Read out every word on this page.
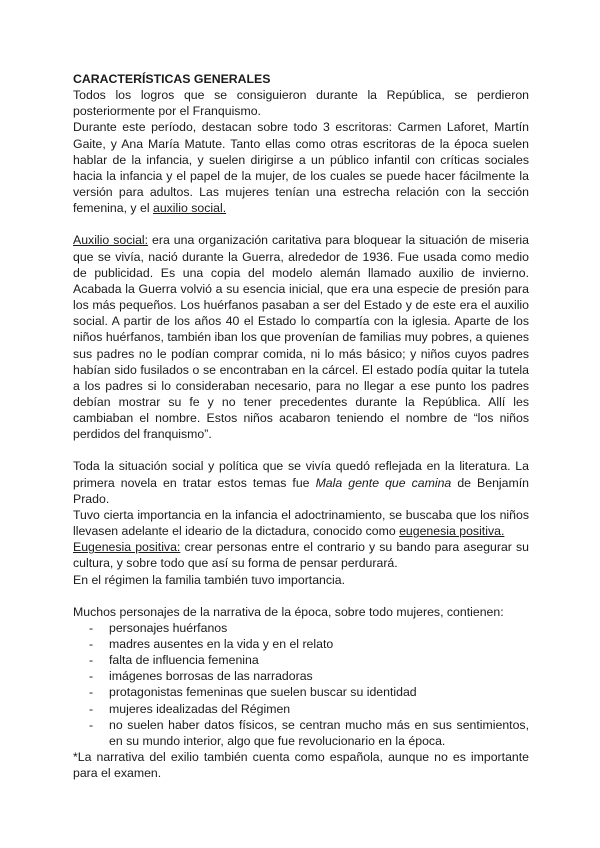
CARACTERÍSTICAS GENERALES

Todos los logros que se consiguieron durante la República, se perdieron posteriormente por el Franquismo.

Durante este período, destacan sobre todo 3 escritoras: Carmen Laforet, Martín Gaite, y Ana María Matute. Tanto ellas como otras escritoras de la época suelen hablar de la infancia, y suelen dirigirse a un público infantil con críticas sociales hacia la infancia y el papel de la mujer, de los cuales se puede hacer fácilmente la versión para adultos. Las mujeres tenían una estrecha relación con la sección femenina, y el auxilio social.

Auxilio social: era una organización caritativa para bloquear la situación de miseria que se vivía, nació durante la Guerra, alrededor de 1936. Fue usada como medio de publicidad. Es una copia del modelo alemán llamado auxilio de invierno. Acabada la Guerra volvió a su esencia inicial, que era una especie de presión para los más pequeños. Los huérfanos pasaban a ser del Estado y de este era el auxilio social. A partir de los años 40 el Estado lo compartía con la iglesia. Aparte de los niños huérfanos, también iban los que provenían de familias muy pobres, a quienes sus padres no le podían comprar comida, ni lo más básico; y niños cuyos padres habían sido fusilados o se encontraban en la cárcel. El estado podía quitar la tutela a los padres si lo consideraban necesario, para no llegar a ese punto los padres debían mostrar su fe y no tener precedentes durante la República. Allí les cambiaban el nombre. Estos niños acabaron teniendo el nombre de “los niños perdidos del franquismo”.

Toda la situación social y política que se vivía quedó reflejada en la literatura. La primera novela en tratar estos temas fue Mala gente que camina de Benjamín Prado.

Tuvo cierta importancia en la infancia el adoctrinamiento, se buscaba que los niños llevasen adelante el ideario de la dictadura, conocido como eugenesia positiva.

Eugenesia positiva: crear personas entre el contrario y su bando para asegurar su cultura, y sobre todo que así su forma de pensar perdurará.

En el régimen la familia también tuvo importancia.

Muchos personajes de la narrativa de la época, sobre todo mujeres, contienen:

- personajes huérfanos
- madres ausentes en la vida y en el relato
- falta de influencia femenina
- imágenes borrosas de las narradoras
- protagonistas femeninas que suelen buscar su identidad
- mujeres idealizadas del Régimen
- no suelen haber datos físicos, se centran mucho más en sus sentimientos, en su mundo interior, algo que fue revolucionario en la época.

*La narrativa del exilio también cuenta como española, aunque no es importante para el examen.
